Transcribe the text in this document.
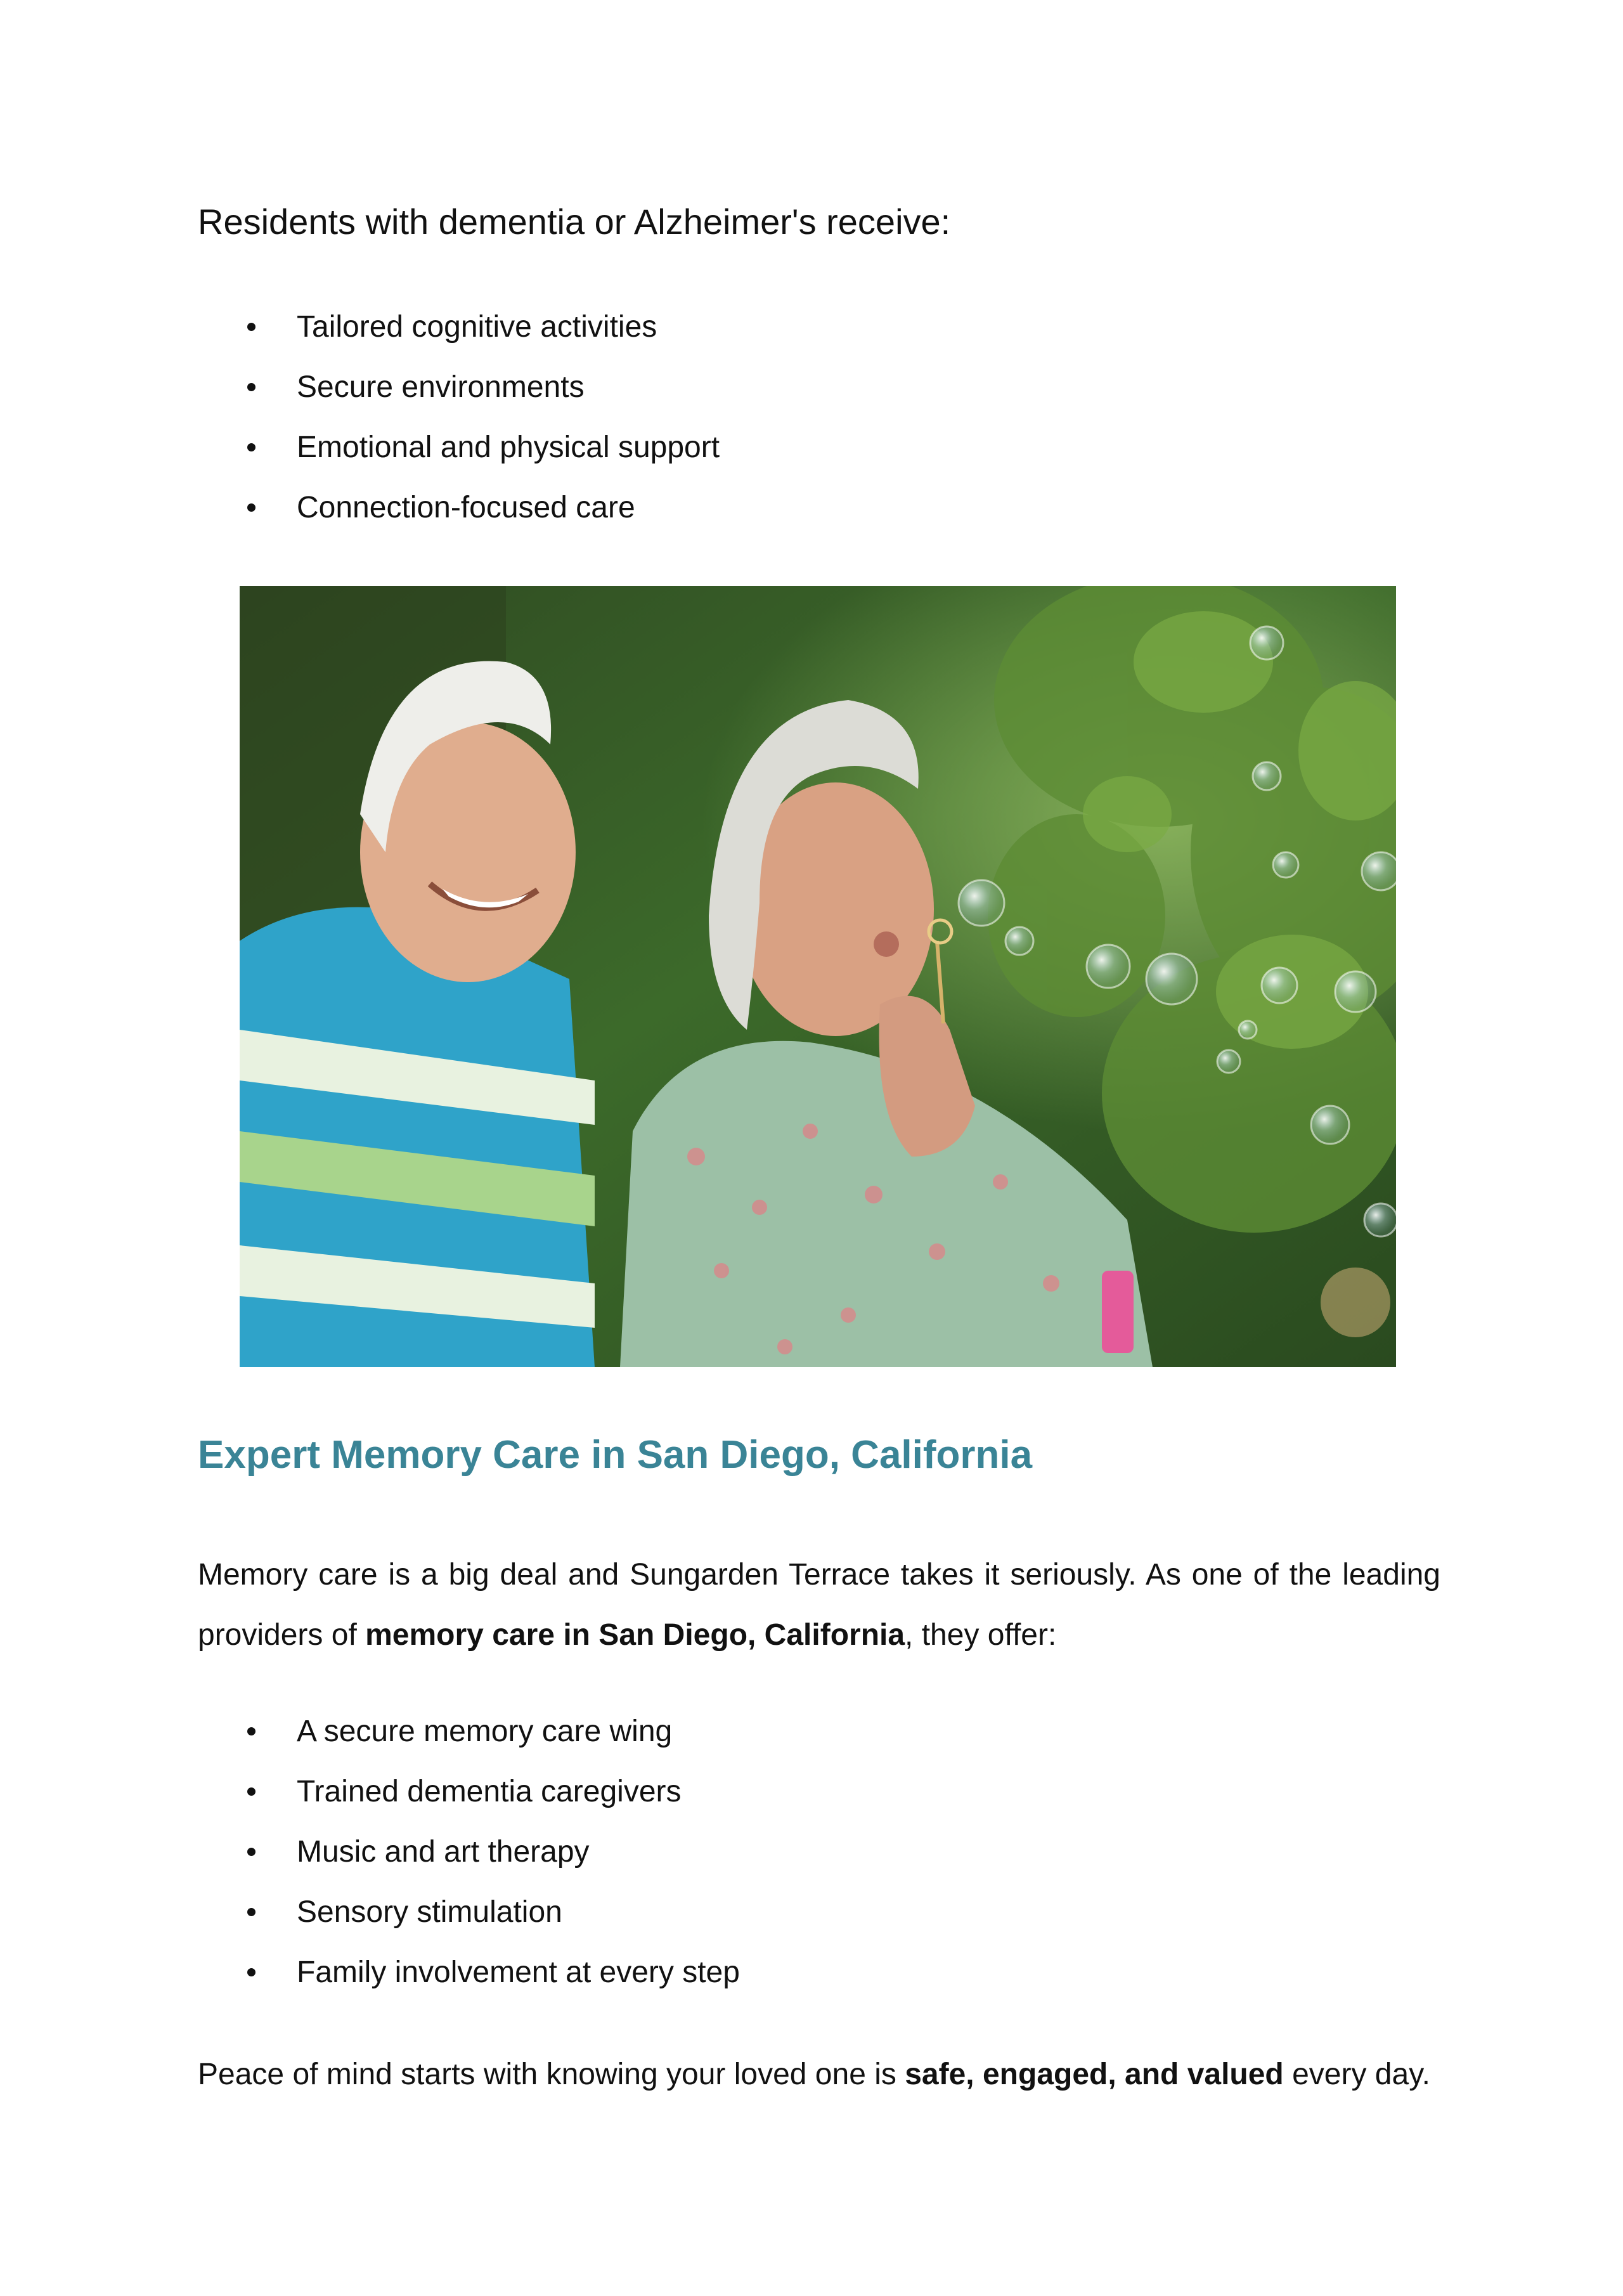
Residents with dementia or Alzheimer's receive:

Tailored cognitive activities
Secure environments
Emotional and physical support
Connection-focused care
Expert Memory Care in San Diego, California

Memory care is a big deal and Sungarden Terrace takes it seriously. As one of the leading providers of memory care in San Diego, California, they offer:

A secure memory care wing
Trained dementia caregivers
Music and art therapy
Sensory stimulation
Family involvement at every step

Peace of mind starts with knowing your loved one is safe, engaged, and valued every day.
